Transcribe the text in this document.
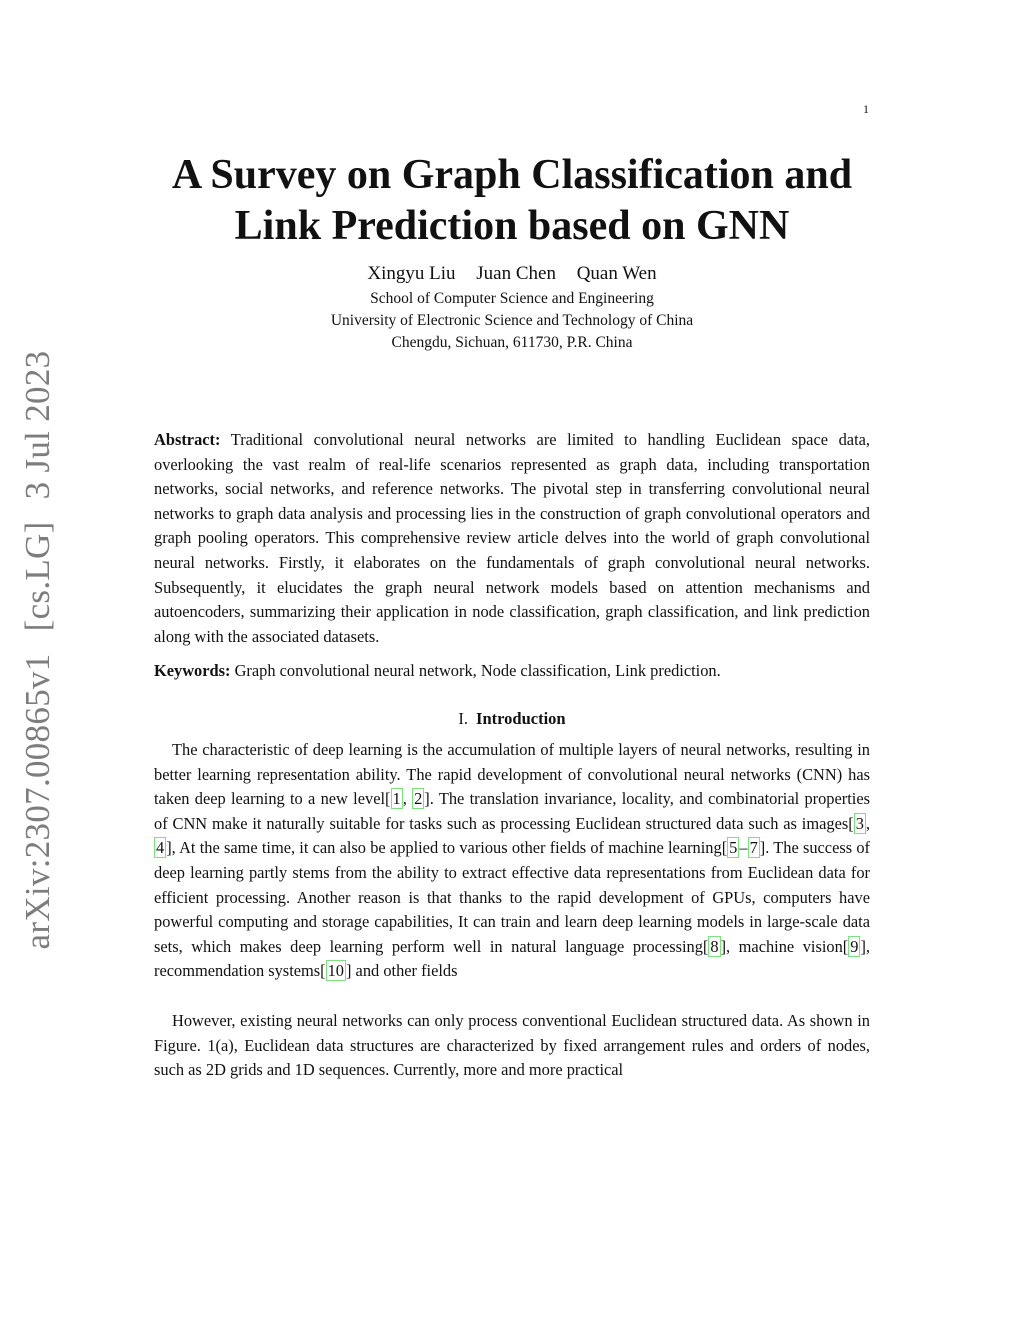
1
arXiv:2307.00865v1[cs.LG]3 Jul 2023
A Survey on Graph Classification and
Link Prediction based on GNN
Xingyu Liu Juan Chen Quan Wen
School of Computer Science and Engineering
University of Electronic Science and Technology of China
Chengdu, Sichuan, 611730, P.R. China
Abstract: Traditional convolutional neural networks are limited to handling Euclidean space data, overlooking the vast realm of real-life scenarios represented as graph data, including transportation networks, social networks, and reference networks. The pivotal step in transferring convolutional neural networks to graph data analysis and processing lies in the construction of graph convolutional operators and graph pooling operators. This comprehensive review article delves into the world of graph convolutional neural networks. Firstly, it elaborates on the fundamentals of graph convolutional neural networks. Subsequently, it elucidates the graph neural network models based on attention mechanisms and autoencoders, summarizing their application in node classification, graph classification, and link prediction along with the associated datasets.
Keywords: Graph convolutional neural network, Node classification, Link prediction.
I. Introduction
The characteristic of deep learning is the accumulation of multiple layers of neural networks, resulting in better learning representation ability. The rapid development of convolutional neural networks (CNN) has taken deep learning to a new level[ 1 , 2 ]. The translation invariance, locality, and combinatorial properties of CNN make it naturally suitable for tasks such as processing Euclidean structured data such as images[ 3 , 4 ], At the same time, it can also be applied to various other fields of machine learning[ 5 – 7 ]. The success of deep learning partly stems from the ability to extract effective data representations from Euclidean data for efficient processing. Another reason is that thanks to the rapid development of GPUs, computers have powerful computing and storage capabilities, It can train and learn deep learning models in large-scale data sets, which makes deep learning perform well in natural language processing[ 8 ], machine vision[ 9 ], recommendation systems[ 10 ] and other fields
However, existing neural networks can only process conventional Euclidean structured data. As shown in Figure. 1(a), Euclidean data structures are characterized by fixed arrangement rules and orders of nodes, such as 2D grids and 1D sequences. Currently, more and more practical
